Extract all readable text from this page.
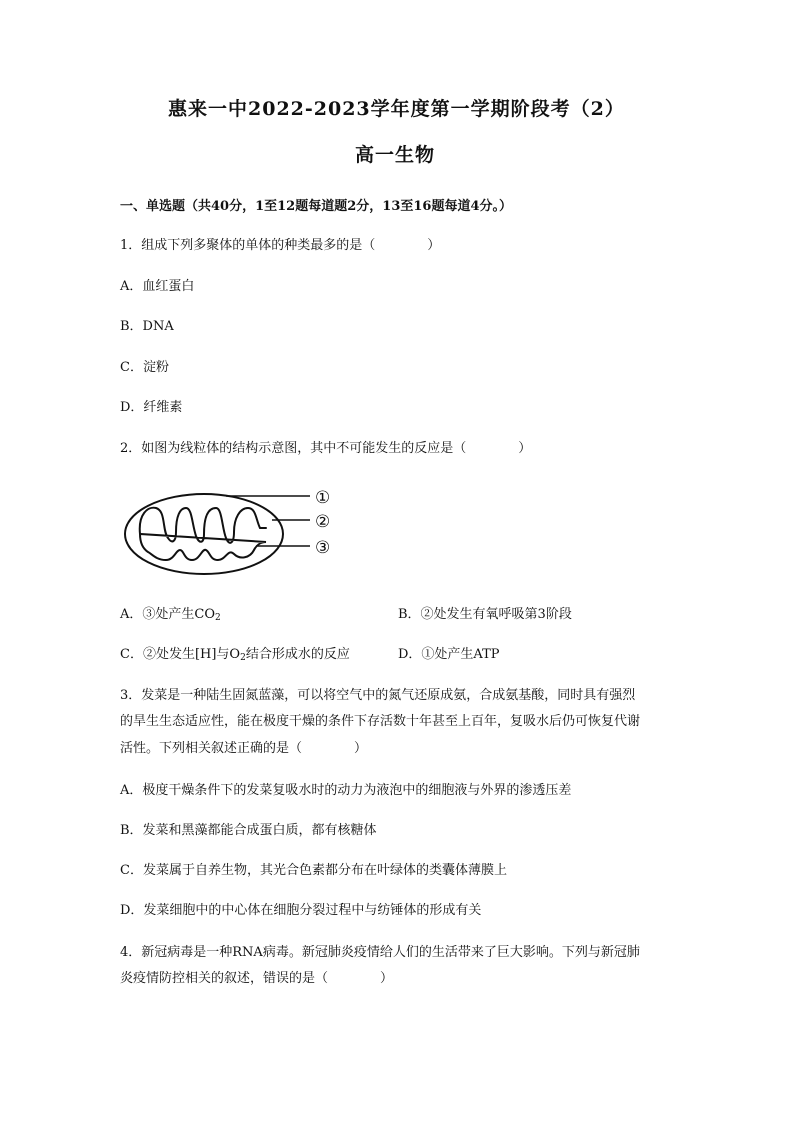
惠来一中2022-2023学年度第一学期阶段考（2）
高一生物
一、单选题（共40分，1至12题每道题2分，13至16题每道4分。）
1．组成下列多聚体的单体的种类最多的是（　　　　）
A．血红蛋白
B．DNA
C．淀粉
D．纤维素
2．如图为线粒体的结构示意图，其中不可能发生的反应是（　　　　）
①
②
③
A．③处产生$CO_2$	B．②处发生有氧呼吸第3阶段
C．②处发生[H]与$O_2$结合形成水的反应	D．①处产生ATP
3．发菜是一种陆生固氮蓝藻，可以将空气中的氮气还原成氨，合成氨基酸，同时具有强烈
的旱生生态适应性，能在极度干燥的条件下存活数十年甚至上百年，复吸水后仍可恢复代谢
活性。下列相关叙述正确的是（　　　　）
A．极度干燥条件下的发菜复吸水时的动力为液泡中的细胞液与外界的渗透压差
B．发菜和黑藻都能合成蛋白质，都有核糖体
C．发菜属于自养生物，其光合色素都分布在叶绿体的类囊体薄膜上
D．发菜细胞中的中心体在细胞分裂过程中与纺锤体的形成有关
4．新冠病毒是一种RNA病毒。新冠肺炎疫情给人们的生活带来了巨大影响。下列与新冠肺
炎疫情防控相关的叙述，错误的是（　　　　）
